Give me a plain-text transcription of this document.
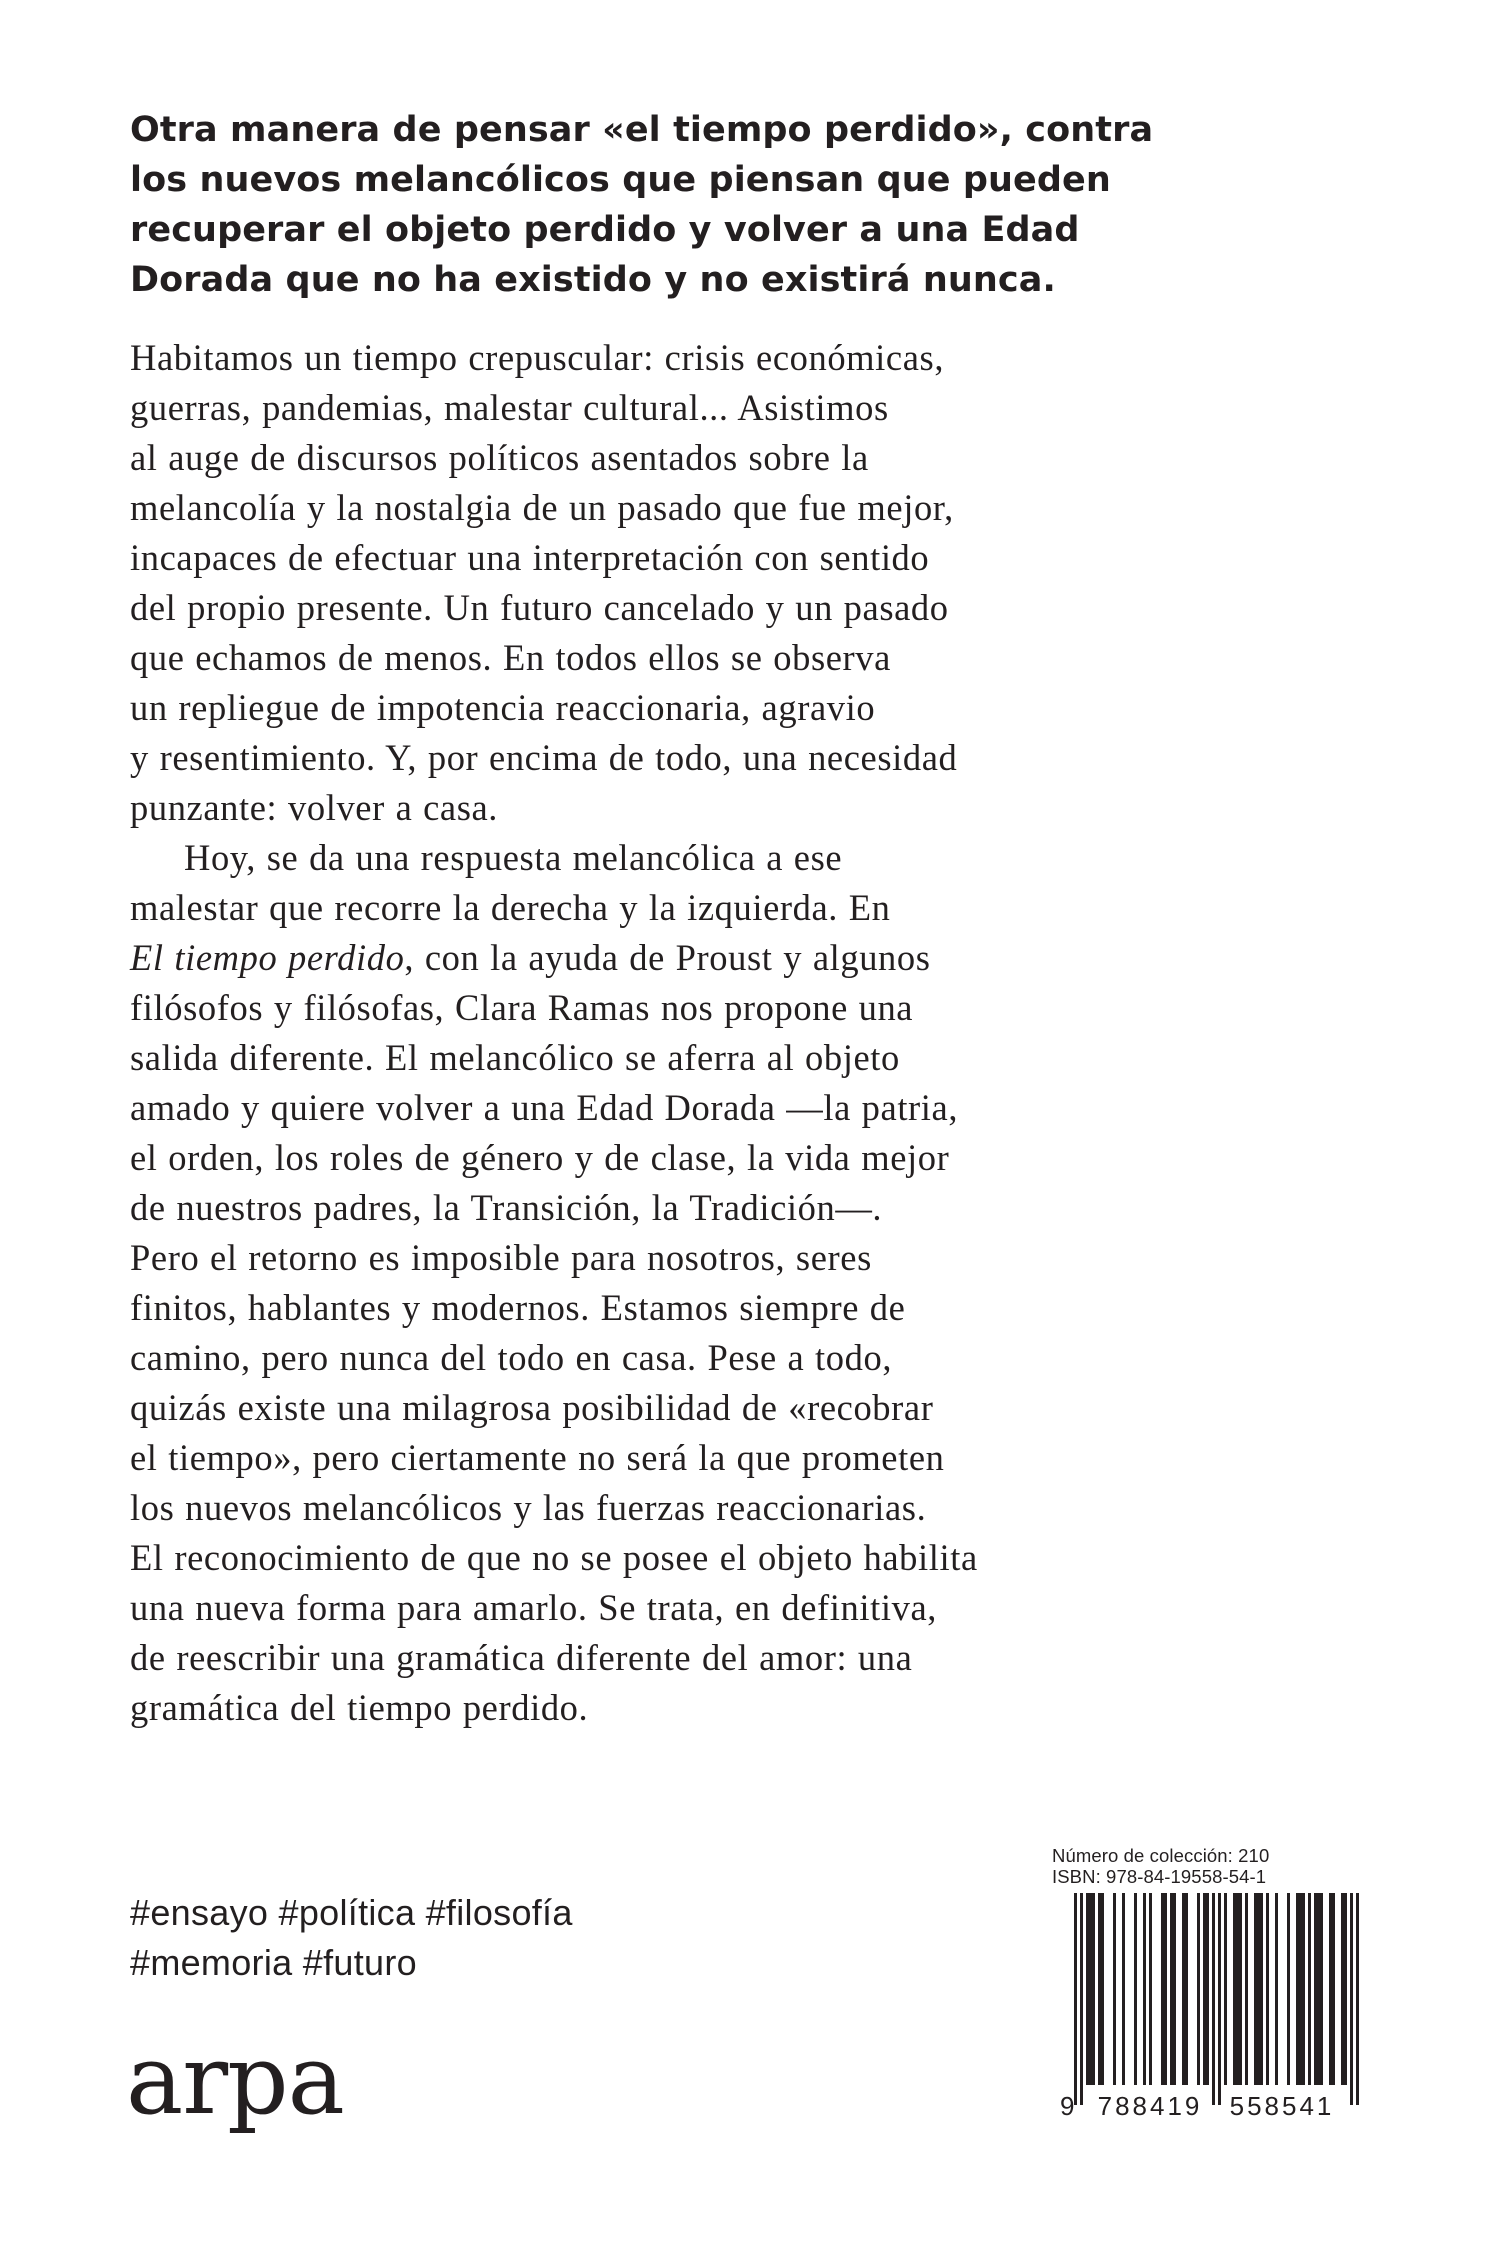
Otra manera de pensar «el tiempo perdido», contra
los nuevos melancólicos que piensan que pueden
recuperar el objeto perdido y volver a una Edad
Dorada que no ha existido y no existirá nunca.
Habitamos un tiempo crepuscular: crisis económicas,
guerras, pandemias, malestar cultural... Asistimos
al auge de discursos políticos asentados sobre la
melancolía y la nostalgia de un pasado que fue mejor,
incapaces de efectuar una interpretación con sentido
del propio presente. Un futuro cancelado y un pasado
que echamos de menos. En todos ellos se observa
un repliegue de impotencia reaccionaria, agravio
y resentimiento. Y, por encima de todo, una necesidad
punzante: volver a casa.
Hoy, se da una respuesta melancólica a ese
malestar que recorre la derecha y la izquierda. En
El tiempo perdido, con la ayuda de Proust y algunos
filósofos y filósofas, Clara Ramas nos propone una
salida diferente. El melancólico se aferra al objeto
amado y quiere volver a una Edad Dorada —la patria,
el orden, los roles de género y de clase, la vida mejor
de nuestros padres, la Transición, la Tradición—.
Pero el retorno es imposible para nosotros, seres
finitos, hablantes y modernos. Estamos siempre de
camino, pero nunca del todo en casa. Pese a todo,
quizás existe una milagrosa posibilidad de «recobrar
el tiempo», pero ciertamente no será la que prometen
los nuevos melancólicos y las fuerzas reaccionarias.
El reconocimiento de que no se posee el objeto habilita
una nueva forma para amarlo. Se trata, en definitiva,
de reescribir una gramática diferente del amor: una
gramática del tiempo perdido.
#ensayo #política #filosofía
#memoria #futuro
arpa
Número de colección: 210
ISBN: 978-84-19558-54-1
9 788419 558541
